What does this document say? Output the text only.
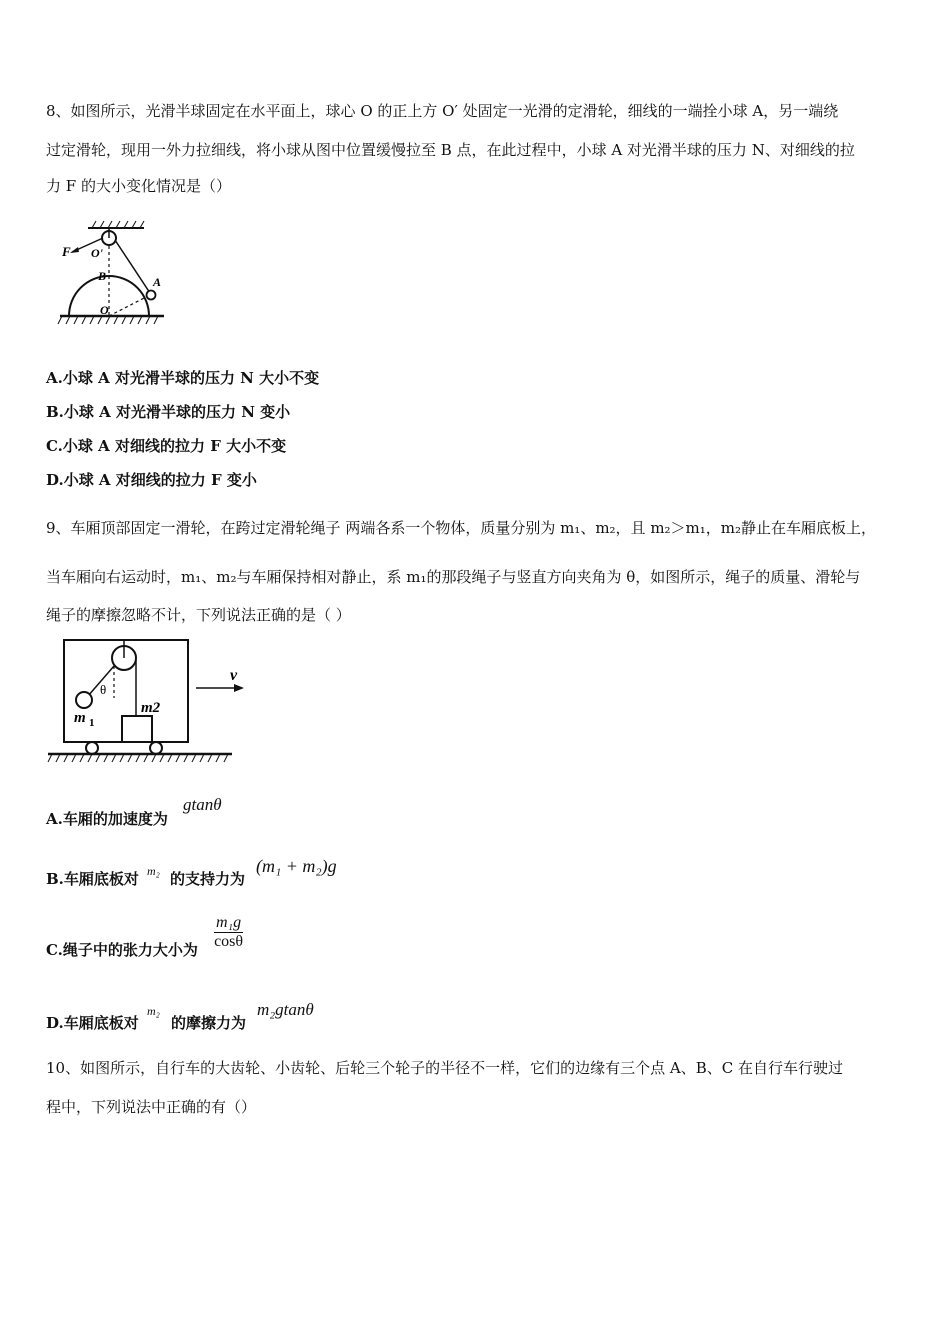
8、如图所示，光滑半球固定在水平面上，球心 O 的正上方 O′ 处固定一光滑的定滑轮，细线的一端拴小球 A，另一端绕
过定滑轮，现用一外力拉细线，将小球从图中位置缓慢拉至 B 点，在此过程中，小球 A 对光滑半球的压力 N、对细线的拉
力 F 的大小变化情况是（）
F O'
B	A
O
A.小球 A 对光滑半球的压力 N 大小不变
B.小球 A 对光滑半球的压力 N 变小
C.小球 A 对细线的拉力 F 大小不变
D.小球 A 对细线的拉力 F 变小
9、车厢顶部固定一滑轮，在跨过定滑轮绳子 两端各系一个物体，质量分别为 m₁、m₂，且 m₂＞m₁，m₂静止在车厢底板上，
当车厢向右运动时，m₁、m₂与车厢保持相对静止，系 m₁的那段绳子与竖直方向夹角为 θ，如图所示，绳子的质量、滑轮与
绳子的摩擦忽略不计，下列说法正确的是（ ）
θ
m 1
m2
v
A.车厢的加速度为
gtanθ
B.车厢底板对 m₂ 的支持力为
(m₁ + m₂)g
C.绳子中的张力大小为 $\frac{\text{m₁g}}{\cos\theta}$
D.车厢底板对
m₂
的摩擦力为
m₂gtanθ
10、如图所示，自行车的大齿轮、小齿轮、后轮三个轮子的半径不一样，它们的边缘有三个点 A、B、C 在自行车行驶过
程中，下列说法中正确的有（）
